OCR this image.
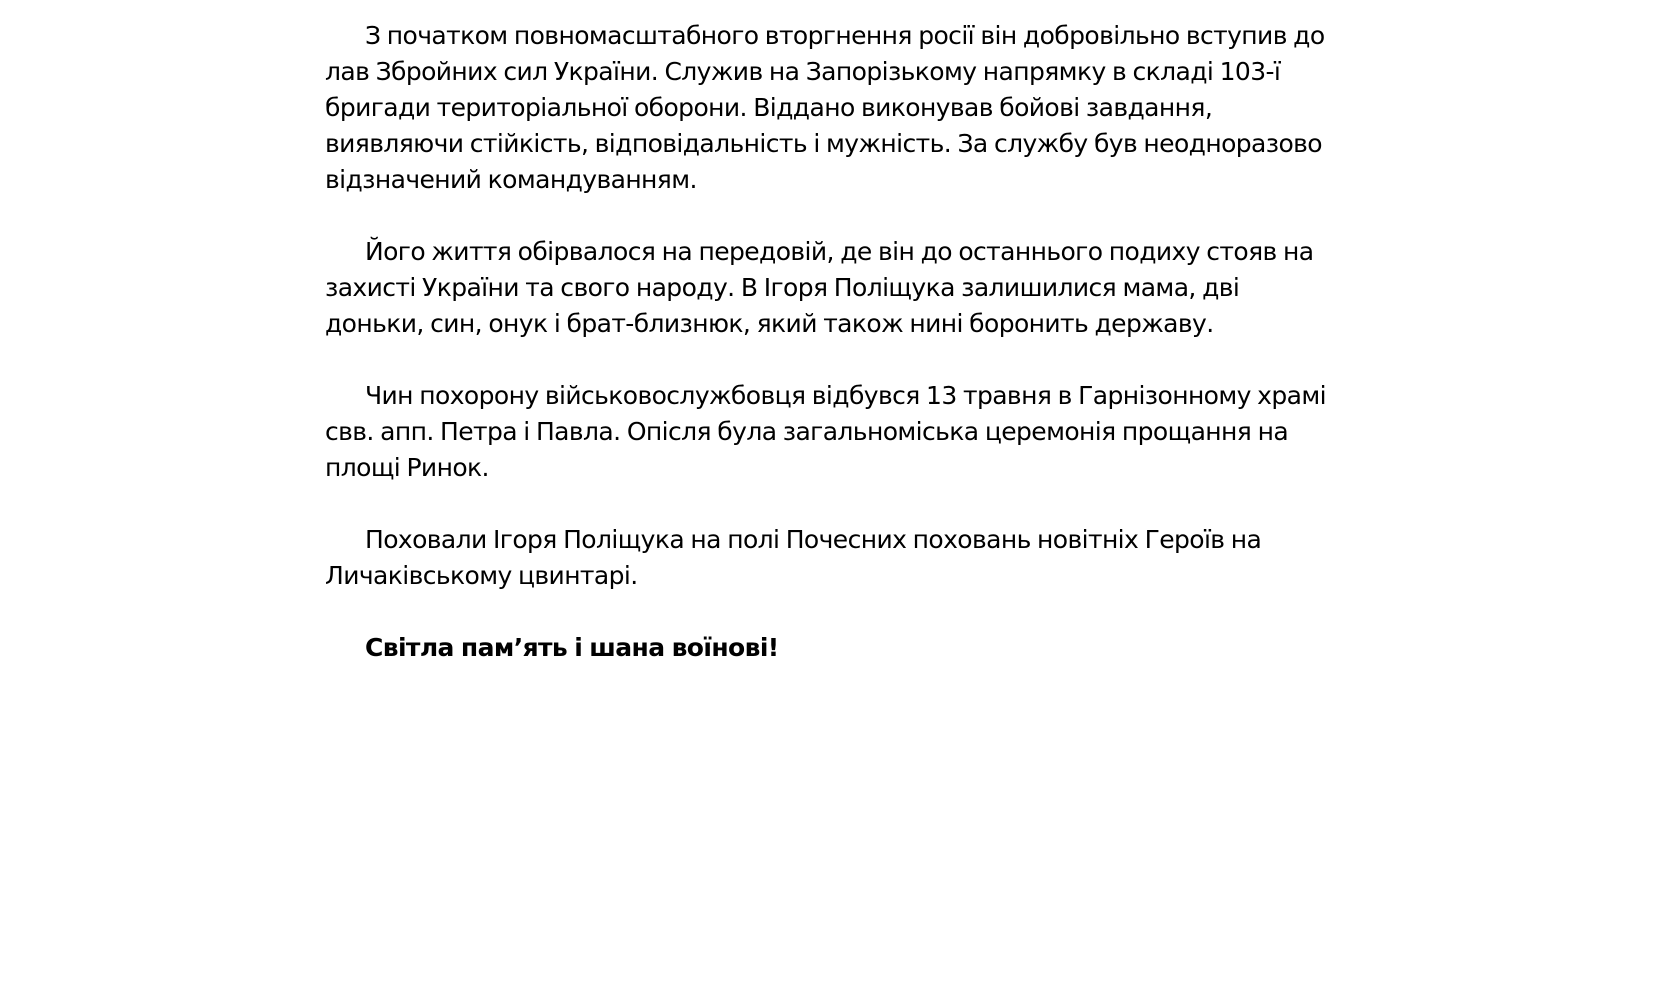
З початком повномасштабного вторгнення росії він добровільно вступив до лав Збройних сил України. Служив на Запорізькому напрямку в складі 103-ї бригади територіальної оборони. Віддано виконував бойові завдання, виявляючи стійкість, відповідальність і мужність. За службу був неодноразово відзначений командуванням.

Його життя обірвалося на передовій, де він до останнього подиху стояв на захисті України та свого народу. В Ігоря Поліщука залишилися мама, дві доньки, син, онук і брат-близнюк, який також нині боронить державу.

Чин похорону військовослужбовця відбувся 13 травня в Гарнізонному храмі свв. апп. Петра і Павла. Опісля була загальноміська церемонія прощання на площі Ринок.

Поховали Ігоря Поліщука на полі Почесних поховань новітніх Героїв на Личаківському цвинтарі.

Світла пам’ять і шана воїнові!
